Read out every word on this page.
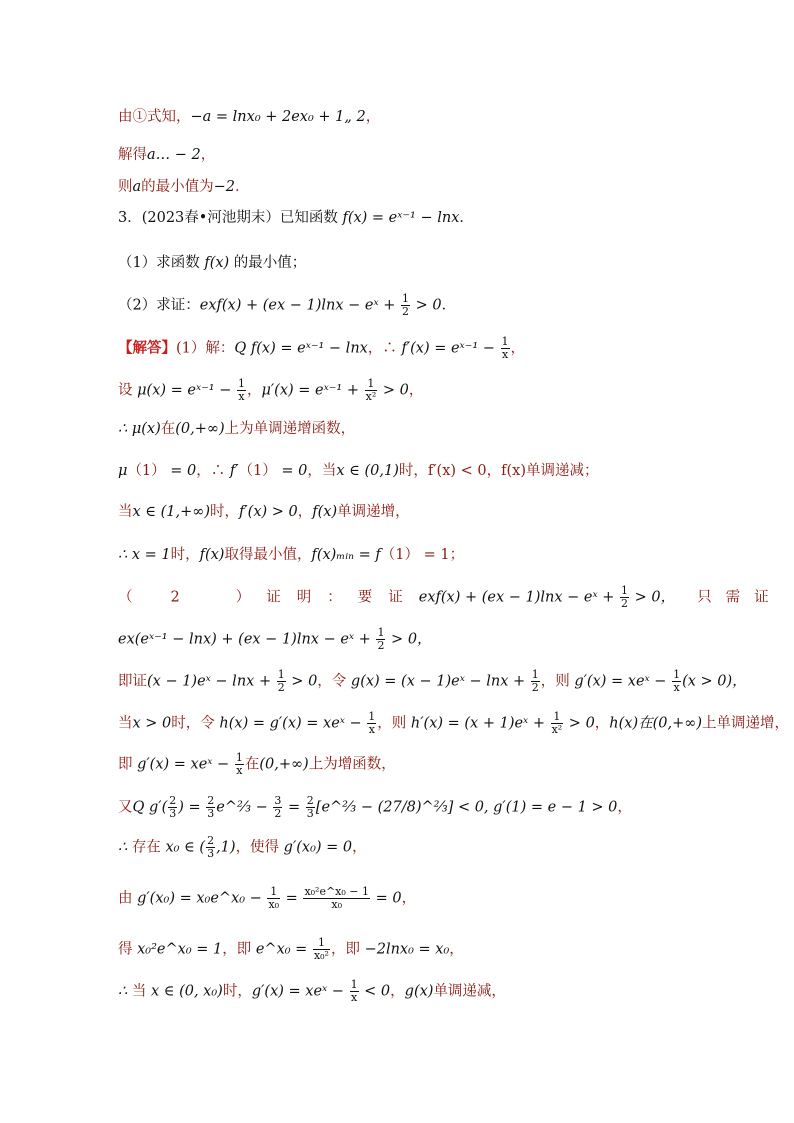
由①式知，−a = lnx₀ + 2ex₀ + 1„ 2，
解得a… − 2，
则a的最小值为−2．
3．(2023春•河池期末）已知函数 f(x) = eˣ⁻¹ − lnx．
（1）求函数 f(x) 的最小值；
（2）求证：exf(x) + (ex − 1)lnx − eˣ + $\frac{1}{2} > 0$．
【解答】(1）解：Q f(x) = eˣ⁻¹ − lnx，∴ f′(x) = eˣ⁻¹ − $\frac{1}{x}$ ，
设 μ(x) = eˣ⁻¹ − $\frac{1}{x}$ ，μ′(x) = eˣ⁻¹ + $\frac{1}{\text{x²}} > 0$，
∴ μ(x)在(0,+∞)上为单调递增函数，
μ（1） = 0，∴ f′（1） = 0，当x ∈ (0,1)时，f′(x) < 0，f(x)单调递减；
当x ∈ (1,+∞)时，f′(x) > 0，f(x)单调递增，
∴ x = 1时，f(x)取得最小值，f(x)ₘᵢₙ = f（1） = 1；
（	2	）证明：要证exf(x) + (ex − 1)lnx − eˣ + $\frac{1}{2} > 0$， 只需证
ex(eˣ⁻¹ − lnx) + (ex − 1)lnx − eˣ + $\frac{1}{2} > 0$，
即证(x − 1)eˣ − $\ln x + \frac{1}{2} > 0$，令 g(x) = (x − 1)eˣ − $\ln x + \frac{1}{2}$ ，则 g′(x) = xeˣ − $\frac{1}{x} (x > 0)$，
当x > 0时，令 h(x) = g′(x) = xeˣ − $\frac{1}{x}$ ，则 h′(x) = (x + 1)eˣ + $\frac{1}{\text{x²}} > 0$，h(x)在(0,+∞)上单调递增，
即 g′(x) = xeˣ − $\frac{1}{x}$ 在(0,+∞)上为增函数，
又Q $g'( \frac{2}{3}$ ) = $\frac{2}{3}$ e^⅔ − $\frac{3}{2} = \frac{2}{3}$ [e^⅔ − (27/8)^⅔] < 0, g′(1) = e − 1 > 0，
∴ 存在 x₀ ∈ ( $\frac{2}{3} ,1$)，使得 g′(x₀) = 0，
由 g′(x₀) = x₀e^x₀ − $\frac{1}{\text{x₀}} = \frac{\text{x₀²e\textasciicircum{}x₀ − 1}}{\text{x₀}} = 0$，
得 x₀²e^x₀ = 1，即 e^x₀ = $\frac{1}{\text{x₀²}}$ ，即 −2lnx₀ = x₀，
∴ 当 x ∈ (0, x₀)时，g′(x) = xeˣ − $\frac{1}{x} < 0$，g(x)单调递减，
